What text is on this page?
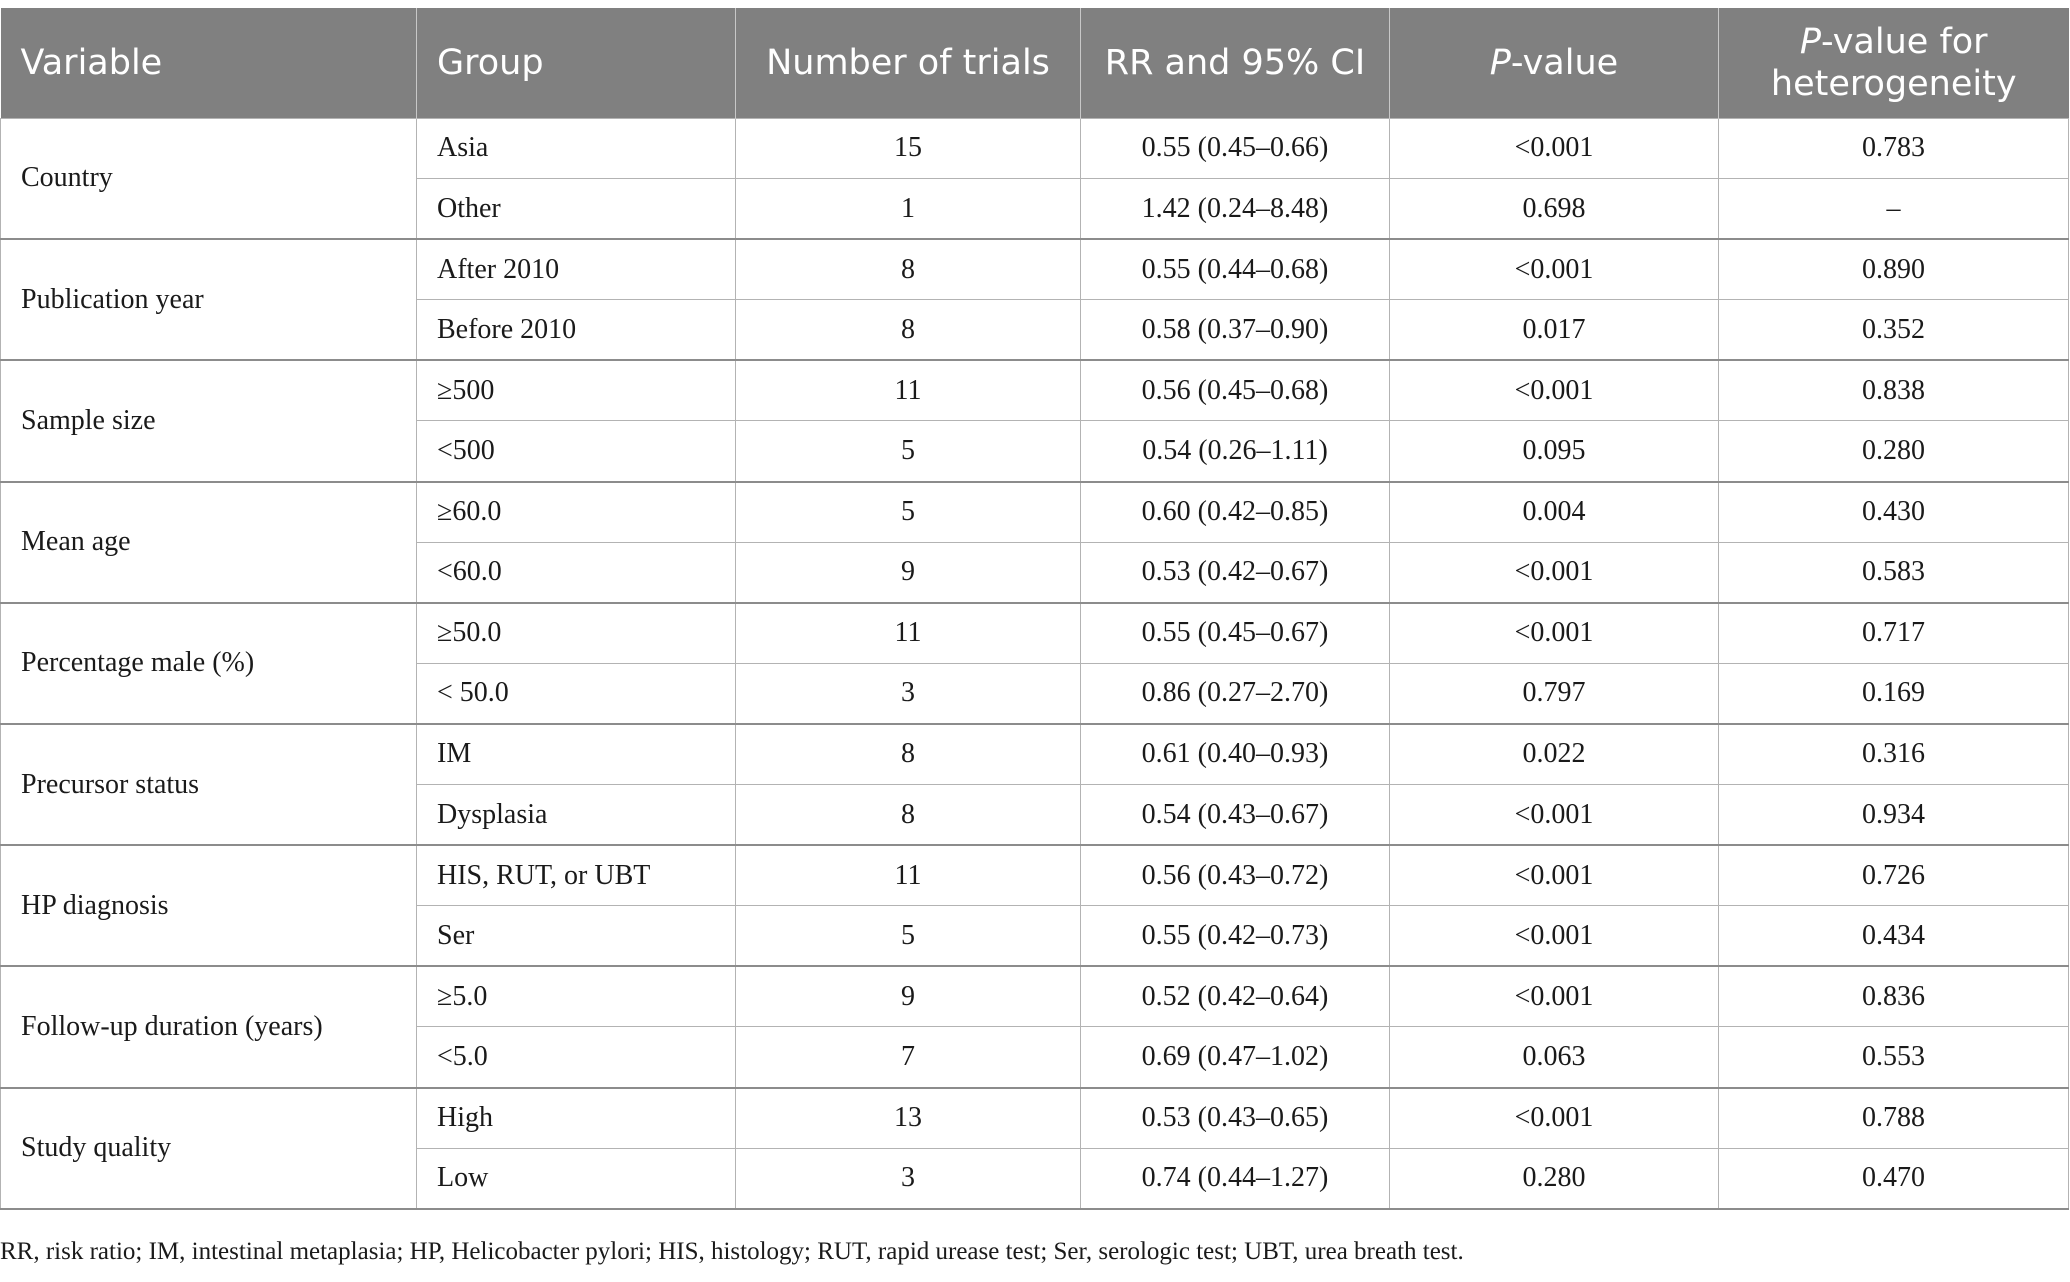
Variable	Group	Number of trials	RR and 95% CI	P-value	P-value for
heterogeneity
Country	Asia	15	0.55 (0.45–0.66)	<0.001	0.783
	Other	1	1.42 (0.24–8.48)	0.698	–
Publication year	After 2010	8	0.55 (0.44–0.68)	<0.001	0.890
	Before 2010	8	0.58 (0.37–0.90)	0.017	0.352
Sample size	≥500	11	0.56 (0.45–0.68)	<0.001	0.838
	<500	5	0.54 (0.26–1.11)	0.095	0.280
Mean age	≥60.0	5	0.60 (0.42–0.85)	0.004	0.430
	<60.0	9	0.53 (0.42–0.67)	<0.001	0.583
Percentage male (%)	≥50.0	11	0.55 (0.45–0.67)	<0.001	0.717
	< 50.0	3	0.86 (0.27–2.70)	0.797	0.169
Precursor status	IM	8	0.61 (0.40–0.93)	0.022	0.316
	Dysplasia	8	0.54 (0.43–0.67)	<0.001	0.934
HP diagnosis	HIS, RUT, or UBT	11	0.56 (0.43–0.72)	<0.001	0.726
	Ser	5	0.55 (0.42–0.73)	<0.001	0.434
Follow-up duration (years)	≥5.0	9	0.52 (0.42–0.64)	<0.001	0.836
	<5.0	7	0.69 (0.47–1.02)	0.063	0.553
Study quality	High	13	0.53 (0.43–0.65)	<0.001	0.788
	Low	3	0.74 (0.44–1.27)	0.280	0.470
RR, risk ratio; IM, intestinal metaplasia; HP, Helicobacter pylori; HIS, histology; RUT, rapid urease test; Ser, serologic test; UBT, urea breath test.
